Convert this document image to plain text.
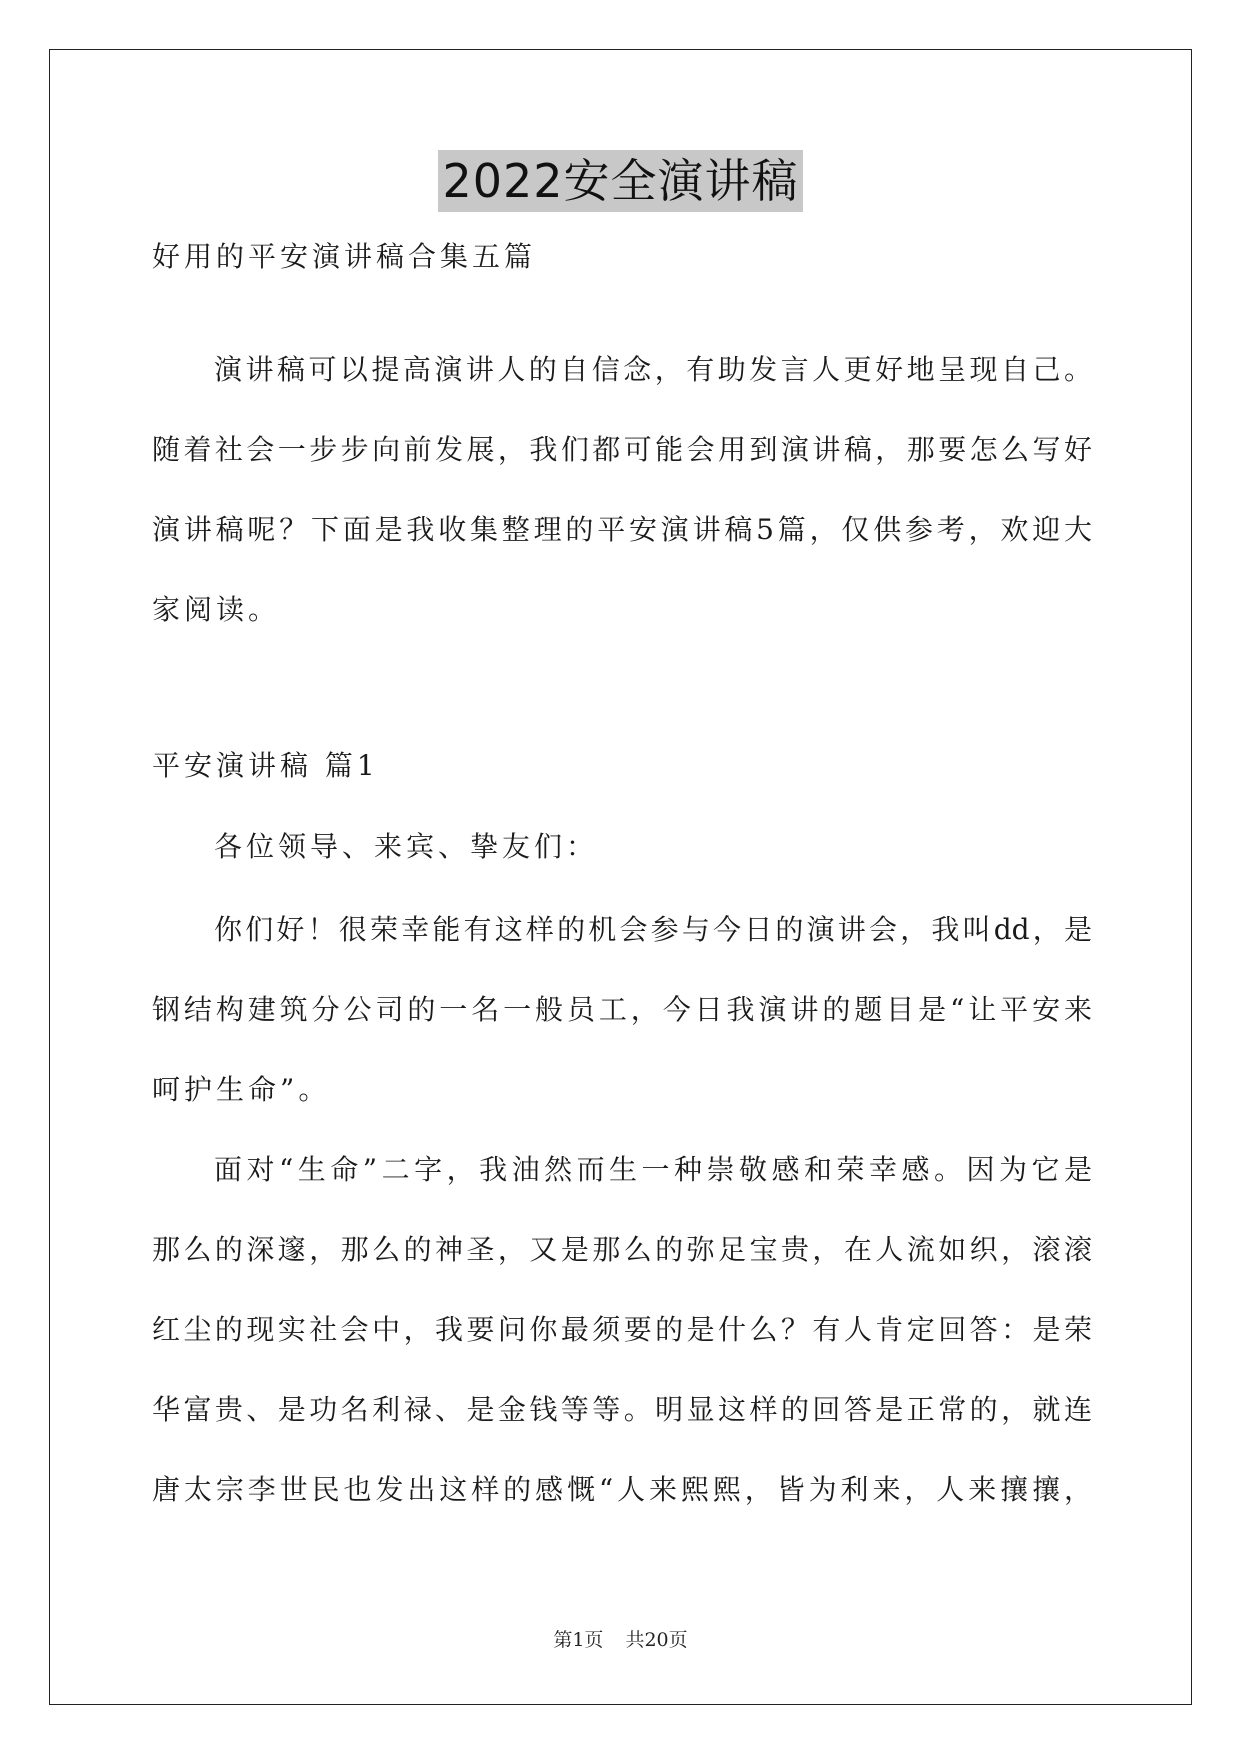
2022安全演讲稿
好用的平安演讲稿合集五篇
演讲稿可以提高演讲人的自信念，有助发言人更好地呈现自己。
随着社会一步步向前发展，我们都可能会用到演讲稿，那要怎么写好
演讲稿呢？下面是我收集整理的平安演讲稿5篇，仅供参考，欢迎大
家阅读。
平安演讲稿 篇1
各位领导、来宾、挚友们：
你们好！很荣幸能有这样的机会参与今日的演讲会，我叫dd，是
钢结构建筑分公司的一名一般员工，今日我演讲的题目是“让平安来
呵护生命”。
面对“生命”二字，我油然而生一种崇敬感和荣幸感。因为它是
那么的深邃，那么的神圣，又是那么的弥足宝贵，在人流如织，滚滚
红尘的现实社会中，我要问你最须要的是什么？有人肯定回答：是荣
华富贵、是功名利禄、是金钱等等。明显这样的回答是正常的，就连
唐太宗李世民也发出这样的感慨“人来熙熙，皆为利来，人来攘攘，
第1页 共20页
